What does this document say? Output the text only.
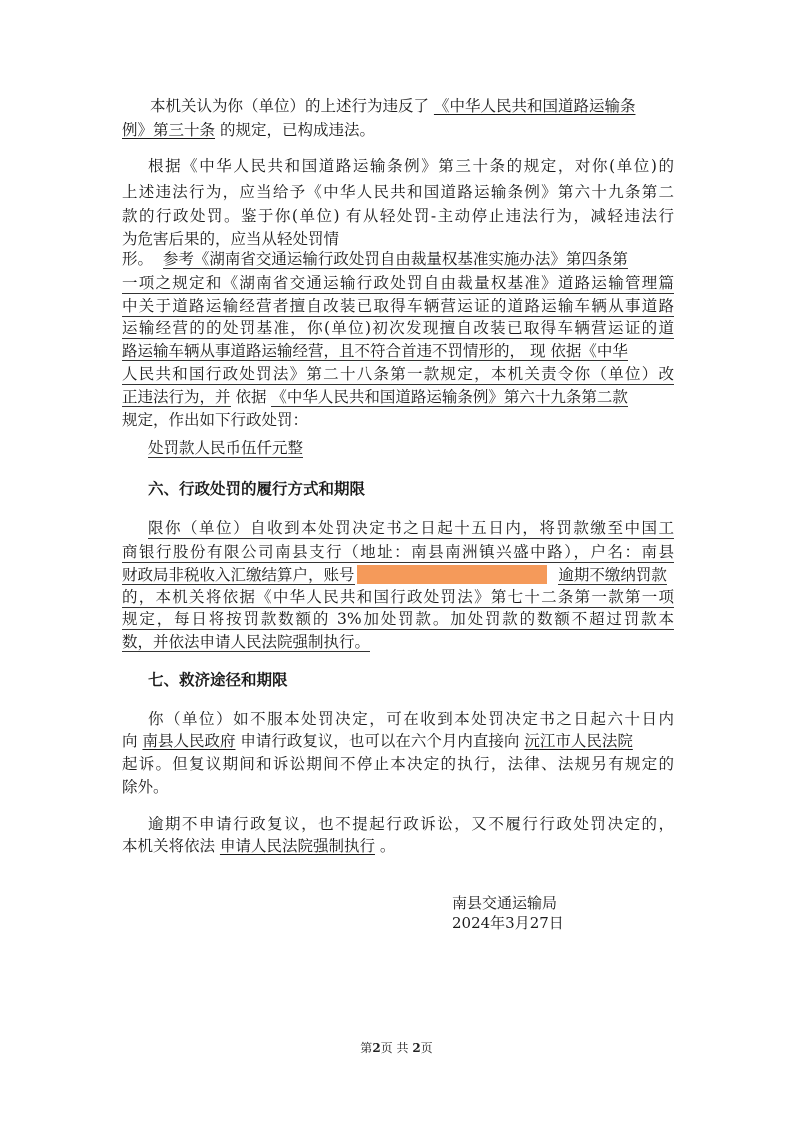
本机关认为你（单位）的上述行为违反了 《中华人民共和国道路运输条
例》第三十条 的规定，已构成违法。
根据《中华人民共和国道路运输条例》第三十条的规定，对你(单位)的
上述违法行为，应当给予《中华人民共和国道路运输条例》第六十九条第二
款的行政处罚。鉴于你(单位) 有从轻处罚-主动停止违法行为，减轻违法行
为危害后果的，应当从轻处罚情
形。 参考《湖南省交通运输行政处罚自由裁量权基准实施办法》第四条第
一项之规定和《湖南省交通运输行政处罚自由裁量权基准》道路运输管理篇
中关于道路运输经营者擅自改装已取得车辆营运证的道路运输车辆从事道路
运输经营的的处罚基准，你(单位)初次发现擅自改装已取得车辆营运证的道
路运输车辆从事道路运输经营，且不符合首违不罚情形的， 现 依据《中华
人民共和国行政处罚法》第二十八条第一款规定，本机关责令你（单位）改
正违法行为，并 依据 《中华人民共和国道路运输条例》第六十九条第二款
规定，作出如下行政处罚：
处罚款人民币伍仟元整
六、行政处罚的履行方式和期限
限你（单位）自收到本处罚决定书之日起十五日内，将罚款缴至中国工
商银行股份有限公司南县支行（地址：南县南洲镇兴盛中路），户名：南县
财政局非税收入汇缴结算户，账号	逾期不缴纳罚款
的，本机关将依据《中华人民共和国行政处罚法》第七十二条第一款第一项
规定，每日将按罚款数额的 3%加处罚款。加处罚款的数额不超过罚款本
数，并依法申请人民法院强制执行。
七、救济途径和期限
你（单位）如不服本处罚决定，可在收到本处罚决定书之日起六十日内
向 南县人民政府 申请行政复议，也可以在六个月内直接向 沅江市人民法院
起诉。但复议期间和诉讼期间不停止本决定的执行，法律、法规另有规定的
除外。
逾期不申请行政复议，也不提起行政诉讼，又不履行行政处罚决定的，
本机关将依法 申请人民法院强制执行 。
南县交通运输局
2024年3月27日
第2页 共 2页
